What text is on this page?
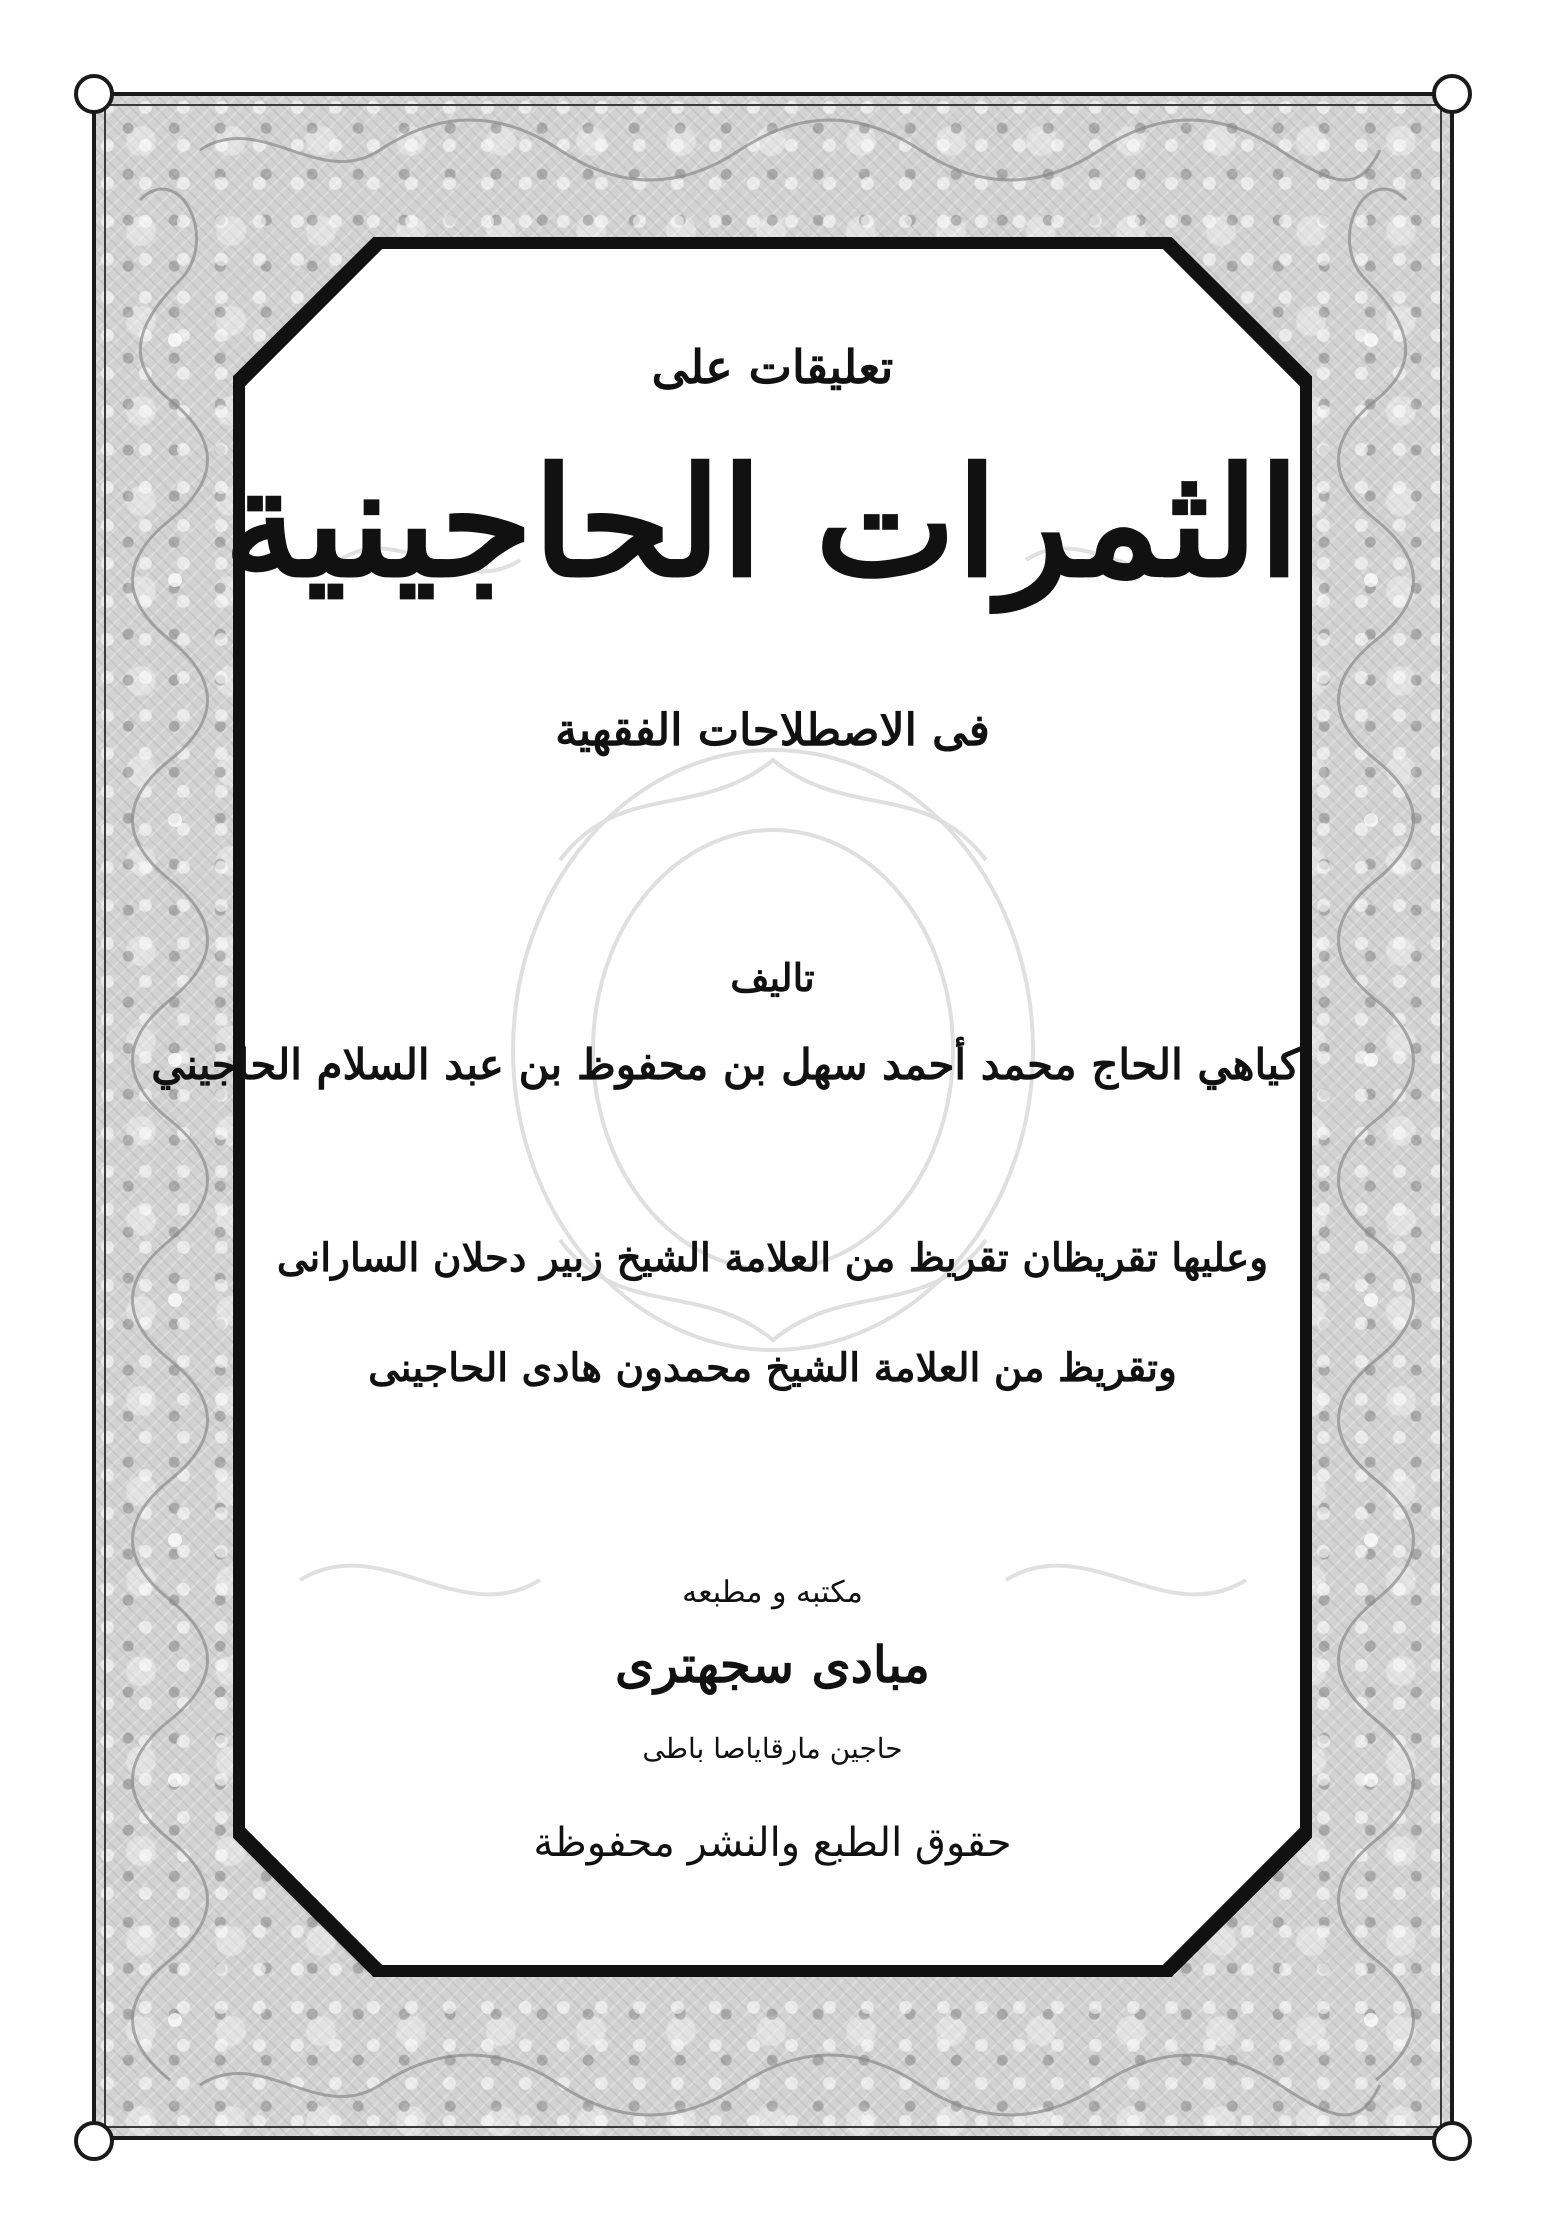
تعليقات على
الثمرات الحاجينية
فى الاصطلاحات الفقهية
تاليف
كياهي الحاج محمد أحمد سهل بن محفوظ بن عبد السلام الحاجيني
وعليها تقريظان تقريظ من العلامة الشيخ زبير دحلان السارانى
وتقريظ من العلامة الشيخ محمدون هادى الحاجينى
مكتبه و مطبعه
مبادى سجهترى
حاجين مارقاياصا باطى
حقوق الطبع والنشر محفوظة
